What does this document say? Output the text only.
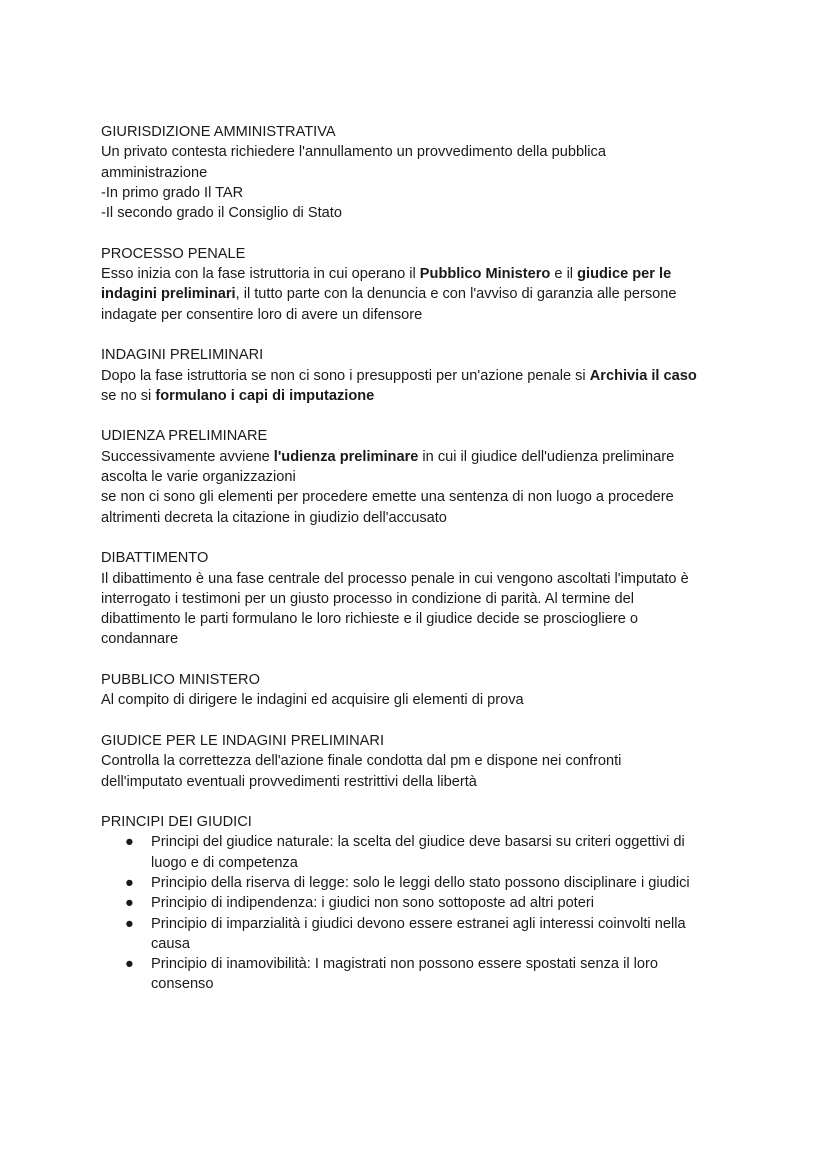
GIURISDIZIONE AMMINISTRATIVA
Un privato contesta richiedere l'annullamento un provvedimento della pubblica
amministrazione
-In primo grado Il TAR
-Il secondo grado il Consiglio di Stato
PROCESSO PENALE
Esso inizia con la fase istruttoria in cui operano il Pubblico Ministero e il giudice per le
indagini preliminari, il tutto parte con la denuncia e con l'avviso di garanzia alle persone
indagate per consentire loro di avere un difensore
INDAGINI PRELIMINARI
Dopo la fase istruttoria se non ci sono i presupposti per un'azione penale si Archivia il caso
se no si formulano i capi di imputazione
UDIENZA PRELIMINARE
Successivamente avviene l'udienza preliminare in cui il giudice dell'udienza preliminare
ascolta le varie organizzazioni
se non ci sono gli elementi per procedere emette una sentenza di non luogo a procedere
altrimenti decreta la citazione in giudizio dell'accusato
DIBATTIMENTO
Il dibattimento è una fase centrale del processo penale in cui vengono ascoltati l'imputato è
interrogato i testimoni per un giusto processo in condizione di parità. Al termine del
dibattimento le parti formulano le loro richieste e il giudice decide se prosciogliere o
condannare
PUBBLICO MINISTERO
Al compito di dirigere le indagini ed acquisire gli elementi di prova
GIUDICE PER LE INDAGINI PRELIMINARI
Controlla la correttezza dell'azione finale condotta dal pm e dispone nei confronti
dell'imputato eventuali provvedimenti restrittivi della libertà
PRINCIPI DEI GIUDICI
● Principi del giudice naturale: la scelta del giudice deve basarsi su criteri oggettivi di
luogo e di competenza
● Principio della riserva di legge: solo le leggi dello stato possono disciplinare i giudici
● Principio di indipendenza: i giudici non sono sottoposte ad altri poteri
● Principio di imparzialità i giudici devono essere estranei agli interessi coinvolti nella
causa
● Principio di inamovibilità: I magistrati non possono essere spostati senza il loro
consenso
